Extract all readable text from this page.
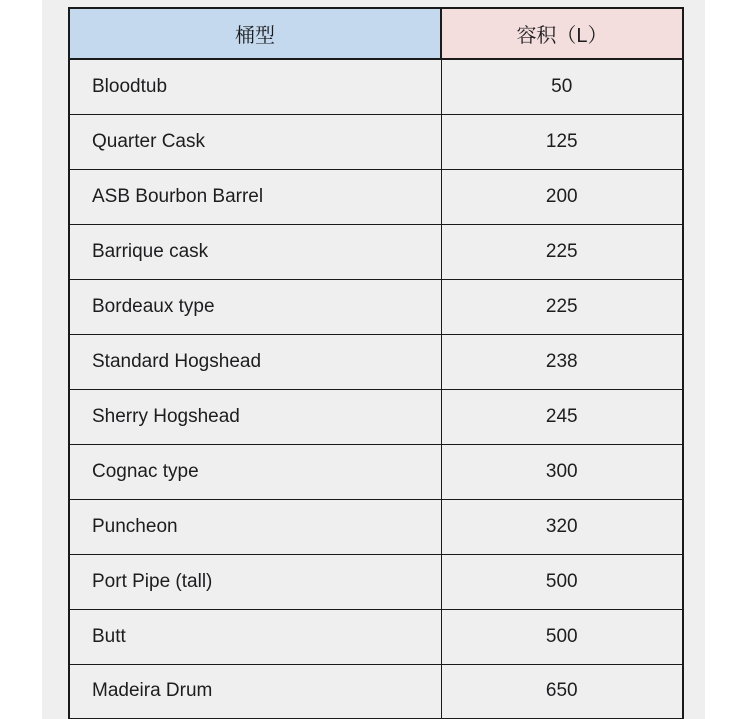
桶型	容积（L）
Bloodtub	50
Quarter Cask	125
ASB Bourbon Barrel	200
Barrique cask	225
Bordeaux type	225
Standard Hogshead	238
Sherry Hogshead	245
Cognac type	300
Puncheon	320
Port Pipe (tall)	500
Butt	500
Madeira Drum	650
